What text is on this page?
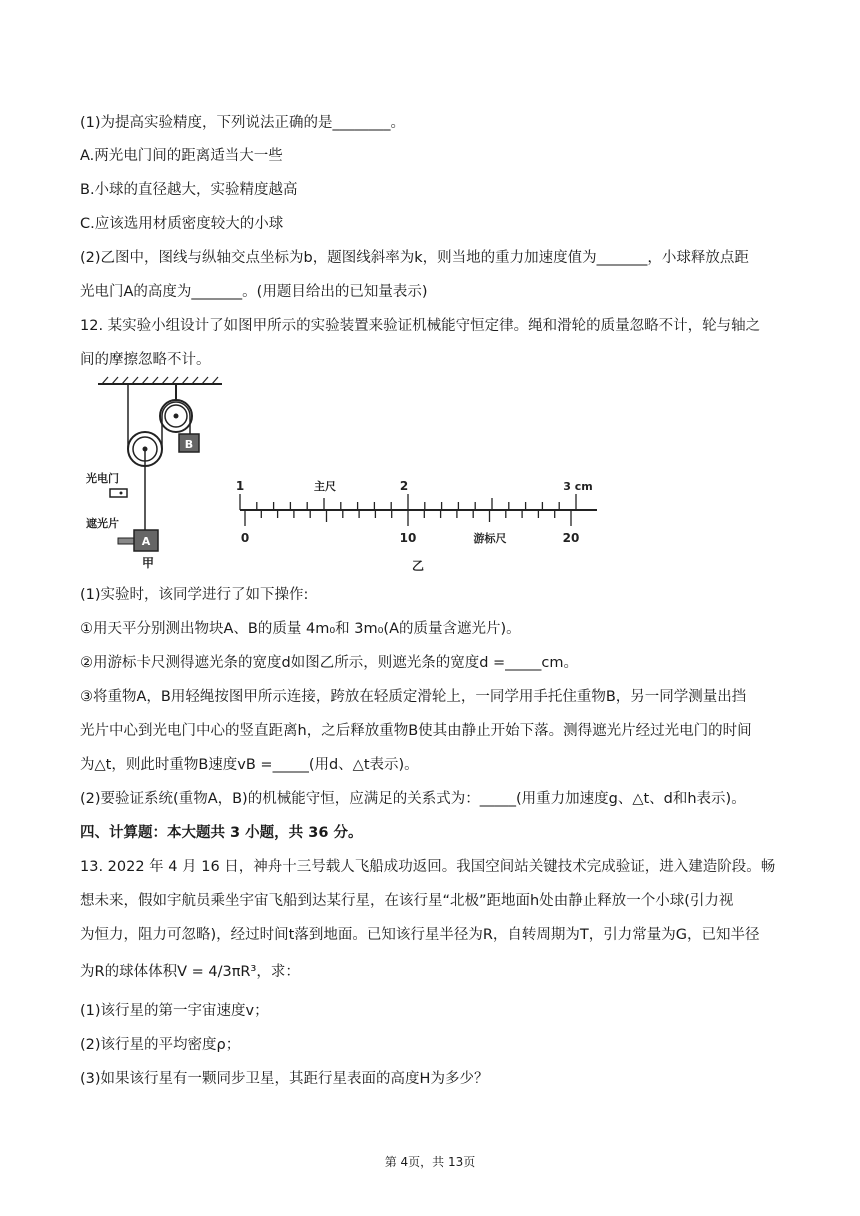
(1)为提高实验精度，下列说法正确的是________。
A.两光电门间的距离适当大一些
B.小球的直径越大，实验精度越高
C.应该选用材质密度较大的小球
(2)乙图中，图线与纵轴交点坐标为b，题图线斜率为k，则当地的重力加速度值为_______，小球释放点距
光电门A的高度为_______。(用题目给出的已知量表示)
12. 某实验小组设计了如图甲所示的实验装置来验证机械能守恒定律。绳和滑轮的质量忽略不计，轮与轴之
间的摩擦忽略不计。
(1)实验时，该同学进行了如下操作:
①用天平分别测出物块A、B的质量 4m₀和 3m₀(A的质量含遮光片)。
②用游标卡尺测得遮光条的宽度d如图乙所示，则遮光条的宽度d =_____cm。
③将重物A，B用轻绳按图甲所示连接，跨放在轻质定滑轮上，一同学用手托住重物B，另一同学测量出挡
光片中心到光电门中心的竖直距离h，之后释放重物B使其由静止开始下落。测得遮光片经过光电门的时间
为△t，则此时重物B速度vB =_____(用d、△t表示)。
(2)要验证系统(重物A，B)的机械能守恒，应满足的关系式为：_____(用重力加速度g、△t、d和h表示)。
四、计算题：本大题共 3 小题，共 36 分。
13. 2022 年 4 月 16 日，神舟十三号载人飞船成功返回。我国空间站关键技术完成验证，进入建造阶段。畅
想未来，假如宇航员乘坐宇宙飞船到达某行星，在该行星“北极”距地面h处由静止释放一个小球(引力视
为恒力，阻力可忽略)，经过时间t落到地面。已知该行星半径为R，自转周期为T，引力常量为G，已知半径
为R的球体体积V = 4/3πR³，求：
(1)该行星的第一宇宙速度v；
(2)该行星的平均密度ρ；
(3)如果该行星有一颗同步卫星，其距行星表面的高度H为多少？
B
光电门
遮光片
A
甲
1	2	3 cm
主尺
0	10	20
游标尺
乙
第 4页，共 13页
